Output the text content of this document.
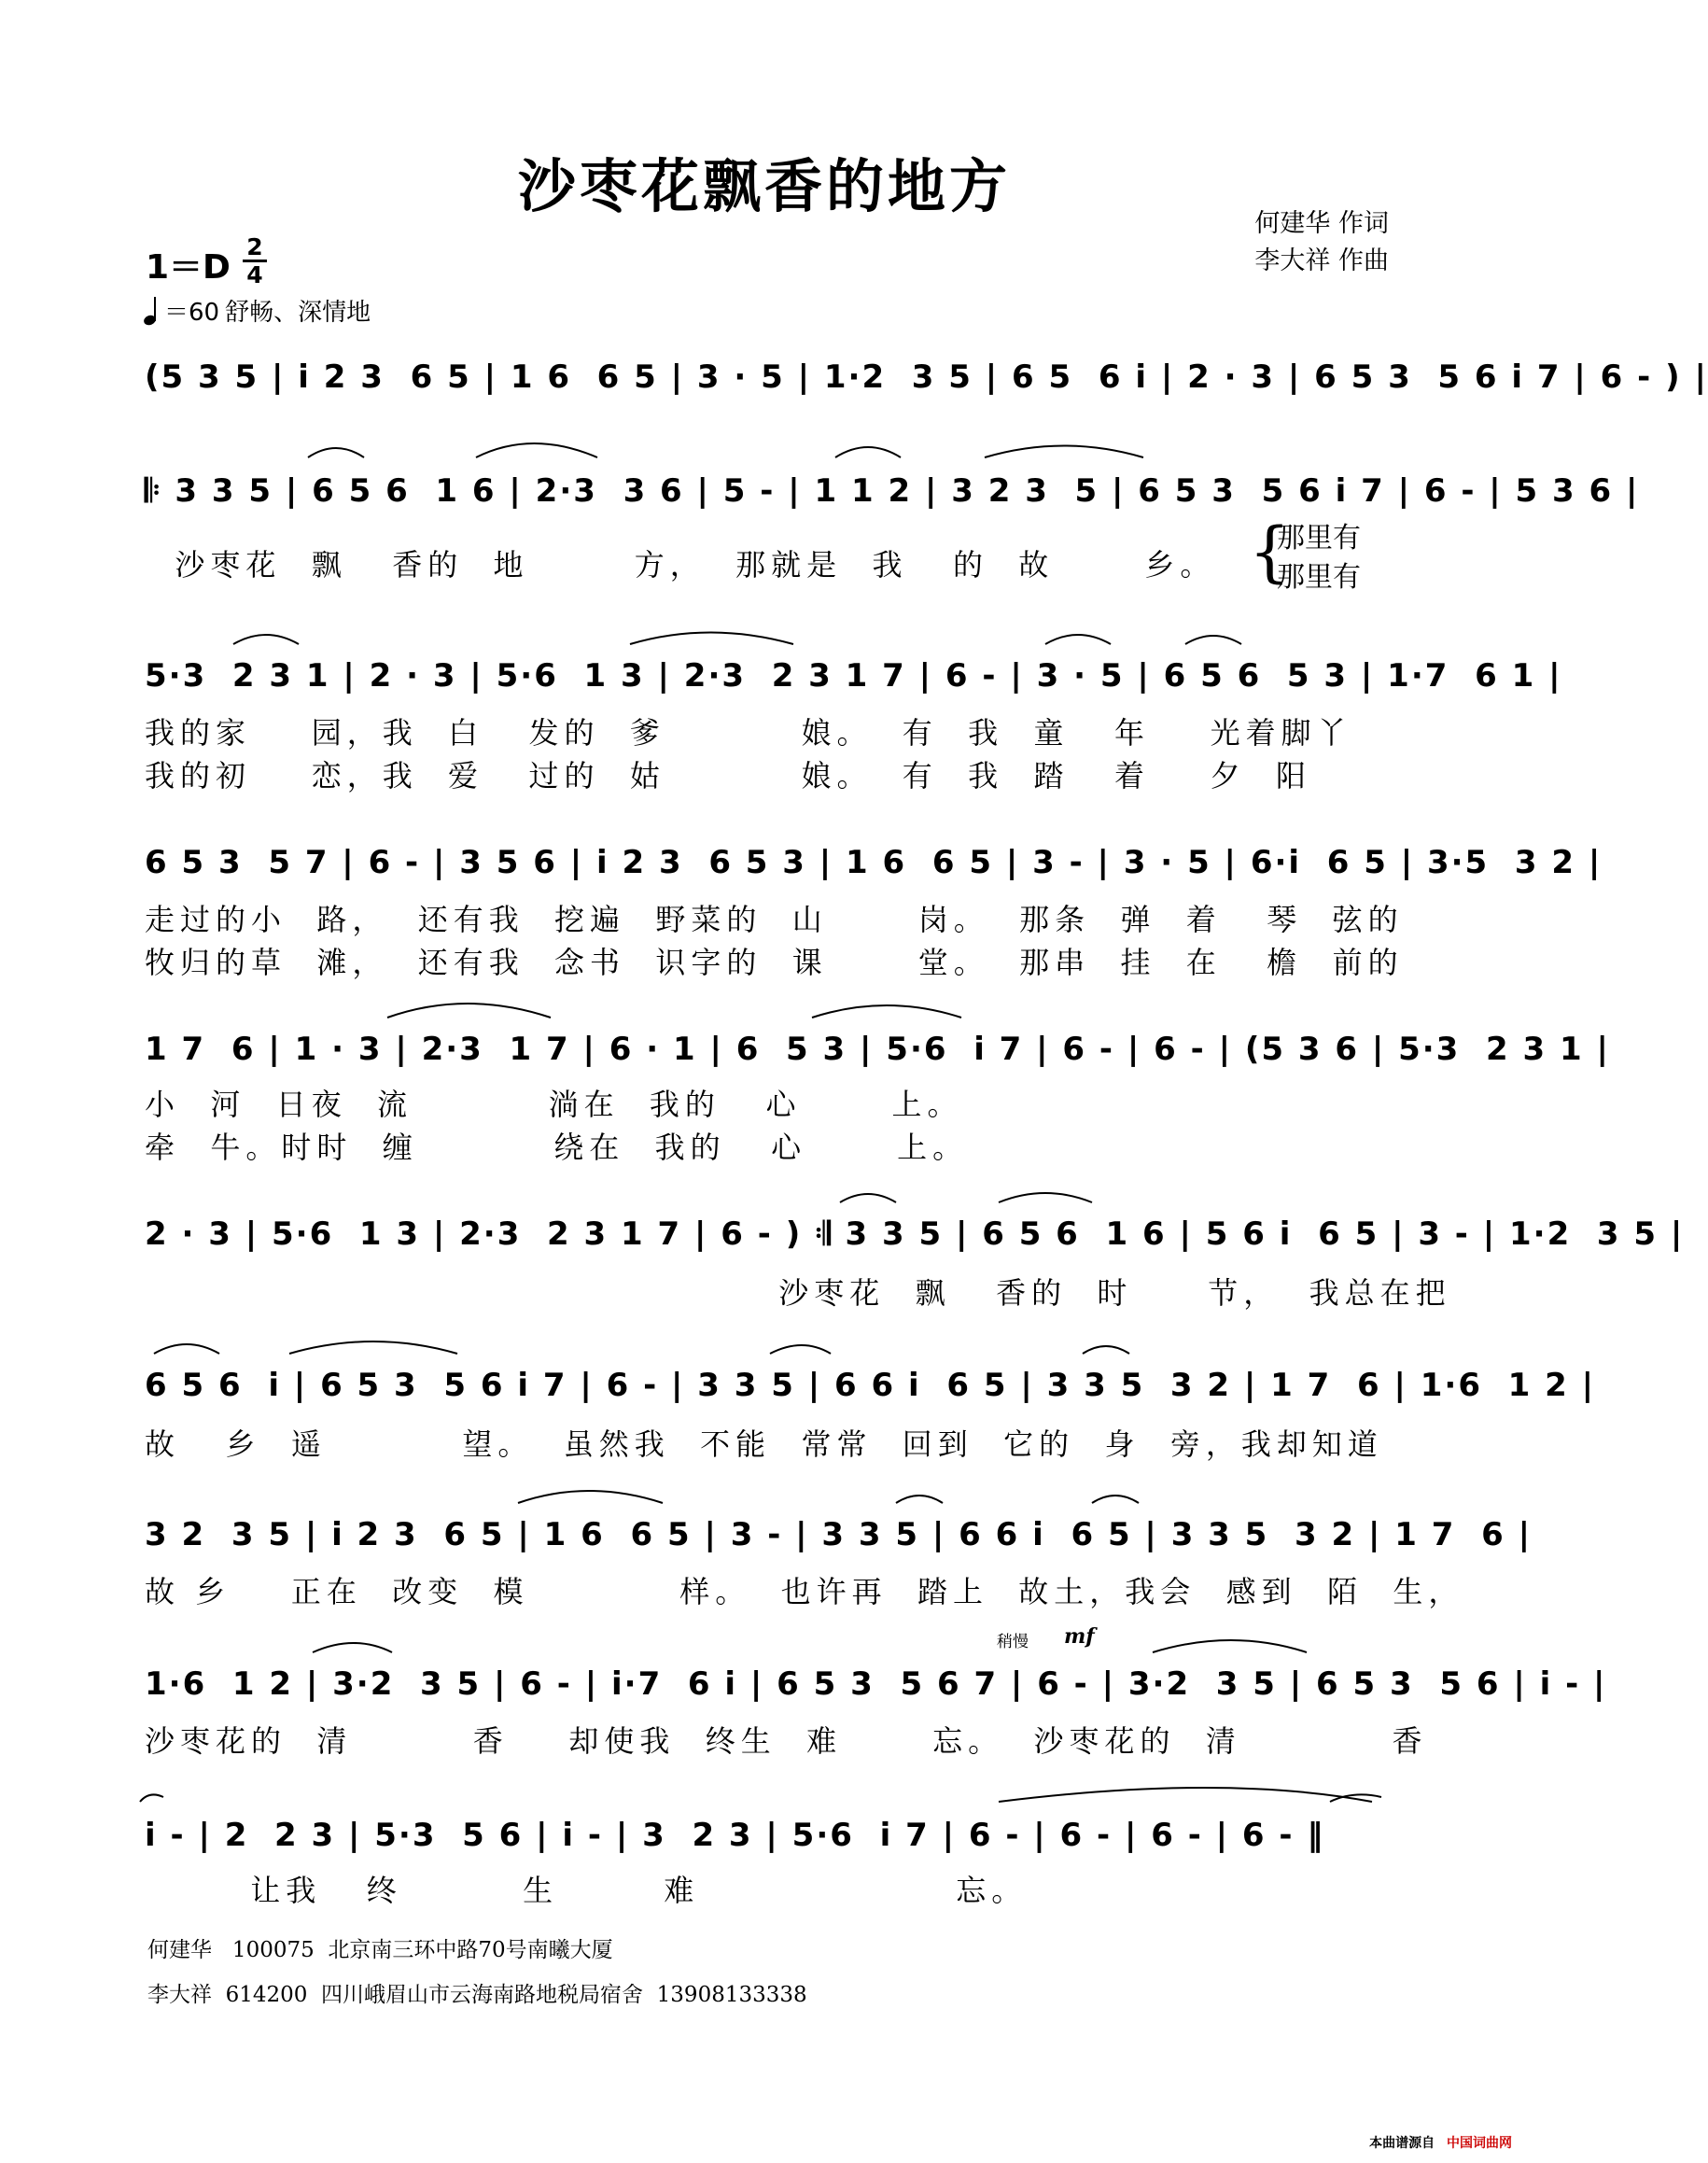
沙枣花飘香的地方
何建华 作词
李大祥 作曲
1＝D
2
4
＝60 舒畅、深情地
(5 3 5 | i 2 3  6 5 | 1 6  6 5 | 3 · 5 | 1·2  3 5 | 6 5  6 i | 2 · 3 | 6 5 3  5 6 i 7 | 6 - ) |
𝄆 3 3 5 | 6 5 6  1 6 | 2·3  3 6 | 5 - | 1 1 2 | 3 2 3  5 | 6 5 3  5 6 i 7 | 6 - | 5 3 6 |
沙枣花  飘   香的  地       方，  那就是  我   的  故      乡。 {
那里有
那里有
5·3  2 3 1 | 2 · 3 | 5·6  1 3 | 2·3  2 3 1 7 | 6 - | 3 · 5 | 6 5 6  5 3 | 1·7  6 1 |
我的家    园，我  白   发的  爹         娘。  有  我  童   年    光着脚丫
我的初    恋，我  爱   过的  姑         娘。  有  我  踏   着    夕  阳
6 5 3  5 7 | 6 - | 3 5 6 | i 2 3  6 5 3 | 1 6  6 5 | 3 - | 3 · 5 | 6·i  6 5 | 3·5  3 2 |
走过的小  路，  还有我  挖遍  野菜的  山      岗。  那条  弹  着   琴  弦的
牧归的草  滩，  还有我  念书  识字的  课      堂。  那串  挂  在   檐  前的
1 7  6 | 1 · 3 | 2·3  1 7 | 6 · 1 | 6  5 3 | 5·6  i 7 | 6 - | 6 - | (5 3 6 | 5·3  2 3 1 |
小  河  日夜  流         淌在  我的   心      上。
牵  牛。时时  缠         绕在  我的   心      上。
2 · 3 | 5·6  1 3 | 2·3  2 3 1 7 | 6 - ) 𝄇 3 3 5 | 6 5 6  1 6 | 5 6 i  6 5 | 3 - | 1·2  3 5 |
沙枣花  飘   香的  时     节，  我总在把
6 5 6  i | 6 5 3  5 6 i 7 | 6 - | 3 3 5 | 6 6 i  6 5 | 3 3 5  3 2 | 1 7  6 | 1·6  1 2 |
故   乡  遥         望。  虽然我  不能  常常  回到  它的  身  旁，我却知道
3 2  3 5 | i 2 3  6 5 | 1 6  6 5 | 3 - | 3 3 5 | 6 6 i  6 5 | 3 3 5  3 2 | 1 7  6 |
故 乡    正在  改变  模          样。  也许再  踏上  故土，我会  感到  陌  生，
稍慢 mf
1·6  1 2 | 3·2  3 5 | 6 - | i·7  6 i | 6 5 3  5 6 7 | 6 - | 3·2  3 5 | 6 5 3  5 6 | i - |
沙枣花的  清        香    却使我  终生  难      忘。  沙枣花的  清          香
i - | 2  2 3 | 5·3  5 6 | i - | 3  2 3 | 5·6  i 7 | 6 - | 6 - | 6 - | 6 - ‖
让我   终        生       难                 忘。
何建华   100075  北京南三环中路70号南曦大厦
李大祥  614200  四川峨眉山市云海南路地税局宿舍  13908133338
本曲谱源自 中国词曲网
